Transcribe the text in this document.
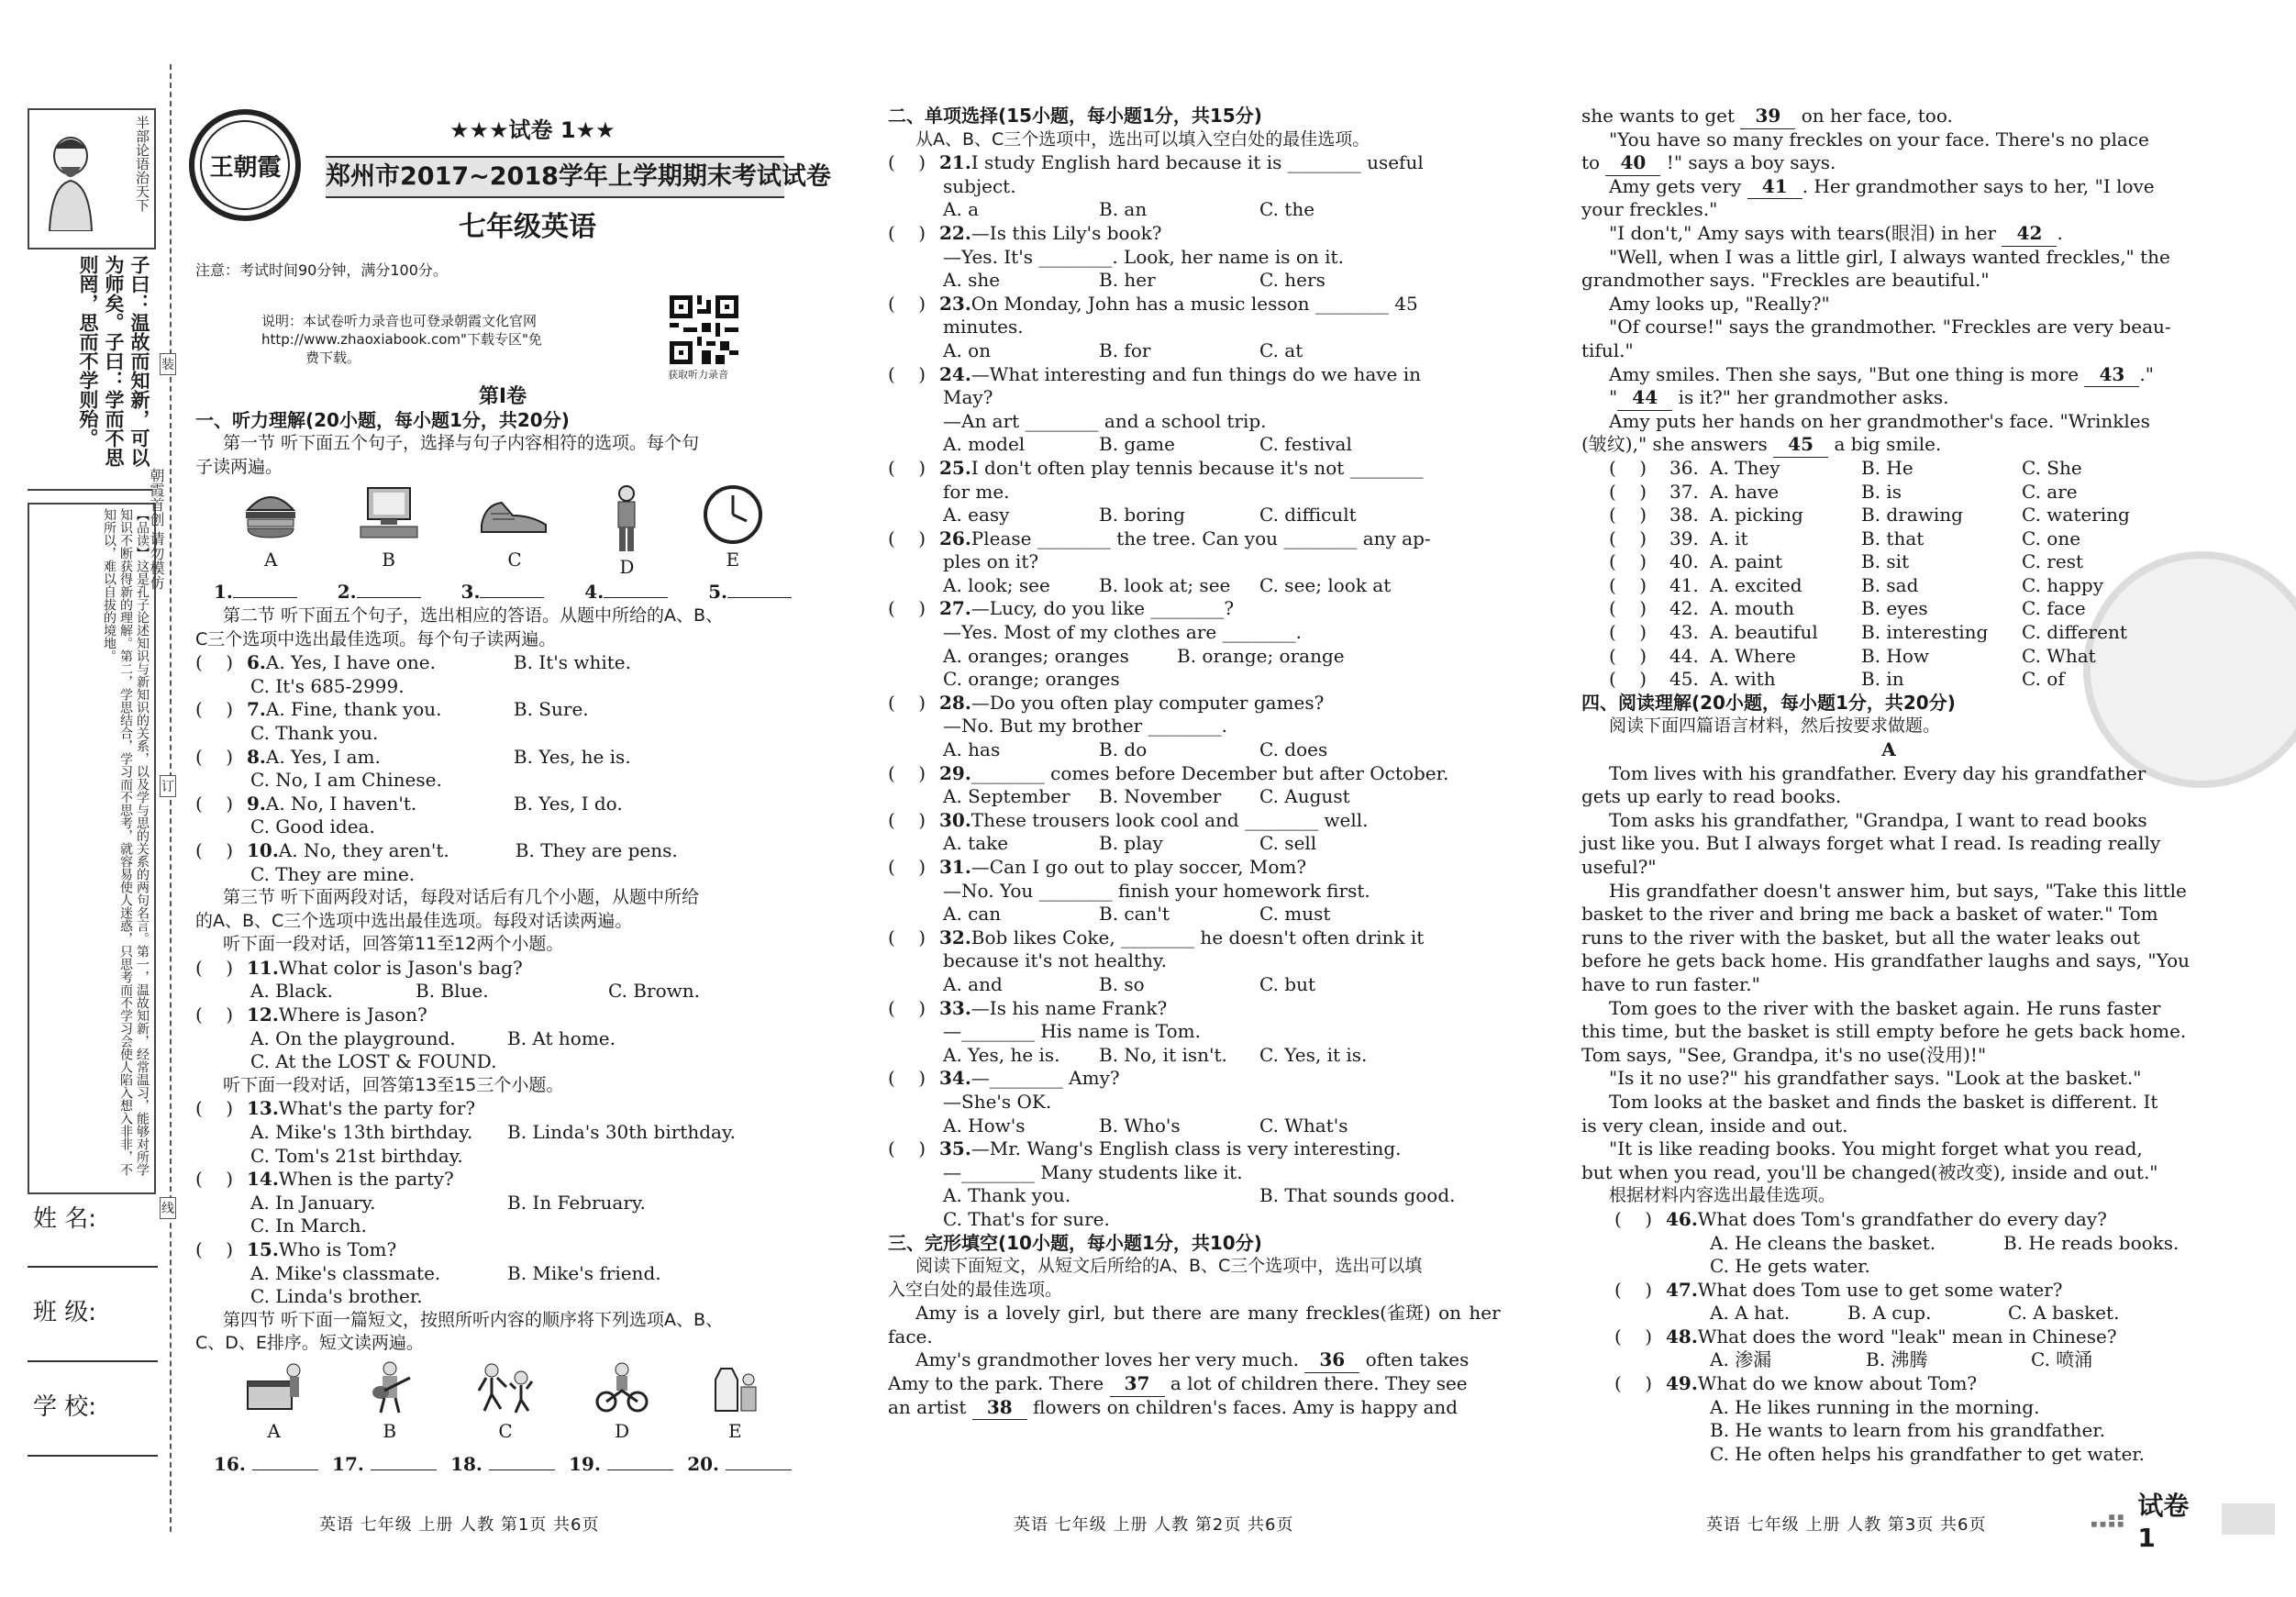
半部论语治天下
子曰：温故而知新，可以为师矣。子曰：学而不思则罔，思而不学则殆。
【品读】这是孔子论述知识与新知识的关系，以及学与思的关系的两句名言。第一，温故知新，经常温习，能够对所学知识不断获得新的理解。第二，学思结合，学习而不思考，就容易使人迷惑，只思考而不学习会使人陷入想入非非，不知所以，难以自拔的境地。
姓 名:
班 级:
学 校:
朝霞首创 请勿模仿
装
订
线
王朝霞
★★★试卷 1★★
郑州市2017~2018学年上学期期末考试试卷
七年级英语
注意：考试时间90分钟，满分100分。
说明：本试卷听力录音也可登录朝霞文化官网
http://www.zhaoxiabook.com"下载专区"免
费下载。
获取听力录音
第Ⅰ卷
一、听力理解(20小题，每小题1分，共20分)
第一节 听下面五个句子，选择与句子内容相符的选项。每个句
子读两遍。
A	B	C	D	E
1.	2.	3.	4.	5.
第二节 听下面五个句子，选出相应的答语。从题中所给的A、B、
C三个选项中选出最佳选项。每个句子读两遍。
(    ) 6. A. Yes, I have one.	B. It's white.
C. It's 685-2999.
(    ) 7. A. Fine, thank you.	B. Sure.
C. Thank you.
(    ) 8. A. Yes, I am.	B. Yes, he is.
C. No, I am Chinese.
(    ) 9. A. No, I haven't.	B. Yes, I do.
C. Good idea.
(    ) 10. A. No, they aren't.	B. They are pens.
C. They are mine.
第三节 听下面两段对话，每段对话后有几个小题，从题中所给
的A、B、C三个选项中选出最佳选项。每段对话读两遍。
听下面一段对话，回答第11至12两个小题。
(    ) 11. What color is Jason's bag?
A. Black.	B. Blue.	C. Brown.
(    ) 12. Where is Jason?
A. On the playground.	B. At home.
C. At the LOST & FOUND.
听下面一段对话，回答第13至15三个小题。
(    ) 13. What's the party for?
A. Mike's 13th birthday.	B. Linda's 30th birthday.
C. Tom's 21st birthday.
(    ) 14. When is the party?
A. In January.	B. In February.
C. In March.
(    ) 15. Who is Tom?
A. Mike's classmate.	B. Mike's friend.
C. Linda's brother.
第四节 听下面一篇短文，按照所听内容的顺序将下列选项A、B、
C、D、E排序。短文读两遍。
A	B	C	D	E
16.	17.	18.	19.	20.
英语 七年级 上册 人教 第1页 共6页
二、单项选择(15小题，每小题1分，共15分)
从A、B、C三个选项中，选出可以填入空白处的最佳选项。
(    ) 21. I study English hard because it is ________ useful
subject.
A. a	B. an	C. the
(    ) 22. —Is this Lily's book?
—Yes. It's ________. Look, her name is on it.
A. she	B. her	C. hers
(    ) 23. On Monday, John has a music lesson ________ 45
minutes.
A. on	B. for	C. at
(    ) 24. —What interesting and fun things do we have in
May?
—An art ________ and a school trip.
A. model	B. game	C. festival
(    ) 25. I don't often play tennis because it's not ________
for me.
A. easy	B. boring	C. difficult
(    ) 26. Please ________ the tree. Can you ________ any ap-
ples on it?
A. look; see	B. look at; see	C. see; look at
(    ) 27. —Lucy, do you like ________?
—Yes. Most of my clothes are ________.
A. oranges; oranges	B. orange; orange
C. orange; oranges
(    ) 28. —Do you often play computer games?
—No. But my brother ________.
A. has	B. do	C. does
(    ) 29. ________ comes before December but after October.
A. September	B. November	C. August
(    ) 30. These trousers look cool and ________ well.
A. take	B. play	C. sell
(    ) 31. —Can I go out to play soccer, Mom?
—No. You ________ finish your homework first.
A. can	B. can't	C. must
(    ) 32. Bob likes Coke, ________ he doesn't often drink it
because it's not healthy.
A. and	B. so	C. but
(    ) 33. —Is his name Frank?
—________ His name is Tom.
A. Yes, he is.	B. No, it isn't.	C. Yes, it is.
(    ) 34. —________ Amy?
—She's OK.
A. How's	B. Who's	C. What's
(    ) 35. —Mr. Wang's English class is very interesting.
—________ Many students like it.
A. Thank you.	B. That sounds good.
C. That's for sure.
三、完形填空(10小题，每小题1分，共10分)
阅读下面短文，从短文后所给的A、B、C三个选项中，选出可以填
入空白处的最佳选项。
Amy is a lovely girl, but there are many freckles(雀斑) on her
face.
Amy's grandmother loves her very much. 36 often takes
Amy to the park. There 37 a lot of children there. They see
an artist 38 flowers on children's faces. Amy is happy and
英语 七年级 上册 人教 第2页 共6页
she wants to get 39 on her face, too.
"You have so many freckles on your face. There's no place
to 40 !" says a boy says.
Amy gets very 41 . Her grandmother says to her, "I love
your freckles."
"I don't," Amy says with tears(眼泪) in her 42 .
"Well, when I was a little girl, I always wanted freckles," the
grandmother says. "Freckles are beautiful."
Amy looks up, "Really?"
"Of course!" says the grandmother. "Freckles are very beau-
tiful."
Amy smiles. Then she says, "But one thing is more 43 ."
" 44 is it?" her grandmother asks.
Amy puts her hands on her grandmother's face. "Wrinkles
(皱纹)," she answers 45 a big smile.
(    )	36. A. They	B. He	C. She
(    )	37. A. have	B. is	C. are
(    )	38. A. picking	B. drawing	C. watering
(    )	39. A. it	B. that	C. one
(    )	40. A. paint	B. sit	C. rest
(    )	41. A. excited	B. sad	C. happy
(    )	42. A. mouth	B. eyes	C. face
(    )	43. A. beautiful	B. interesting	C. different
(    )	44. A. Where	B. How	C. What
(    )	45. A. with	B. in	C. of
四、阅读理解(20小题，每小题1分，共20分)
阅读下面四篇语言材料，然后按要求做题。
A
Tom lives with his grandfather. Every day his grandfather
gets up early to read books.
Tom asks his grandfather, "Grandpa, I want to read books
just like you. But I always forget what I read. Is reading really
useful?"
His grandfather doesn't answer him, but says, "Take this little
basket to the river and bring me back a basket of water." Tom
runs to the river with the basket, but all the water leaks out
before he gets back home. His grandfather laughs and says, "You
have to run faster."
Tom goes to the river with the basket again. He runs faster
this time, but the basket is still empty before he gets back home.
Tom says, "See, Grandpa, it's no use(没用)!"
"Is it no use?" his grandfather says. "Look at the basket."
Tom looks at the basket and finds the basket is different. It
is very clean, inside and out.
"It is like reading books. You might forget what you read,
but when you read, you'll be changed(被改变), inside and out."
根据材料内容选出最佳选项。
(    ) 46. What does Tom's grandfather do every day?
A. He cleans the basket.	B. He reads books.
C. He gets water.
(    ) 47. What does Tom use to get some water?
A. A hat.	B. A cup.	C. A basket.
(    ) 48. What does the word "leak" mean in Chinese?
A. 渗漏	B. 沸腾	C. 喷涌
(    ) 49. What do we know about Tom?
A. He likes running in the morning.
B. He wants to learn from his grandfather.
C. He often helps his grandfather to get water.
英语 七年级 上册 人教 第3页 共6页
试卷 1
